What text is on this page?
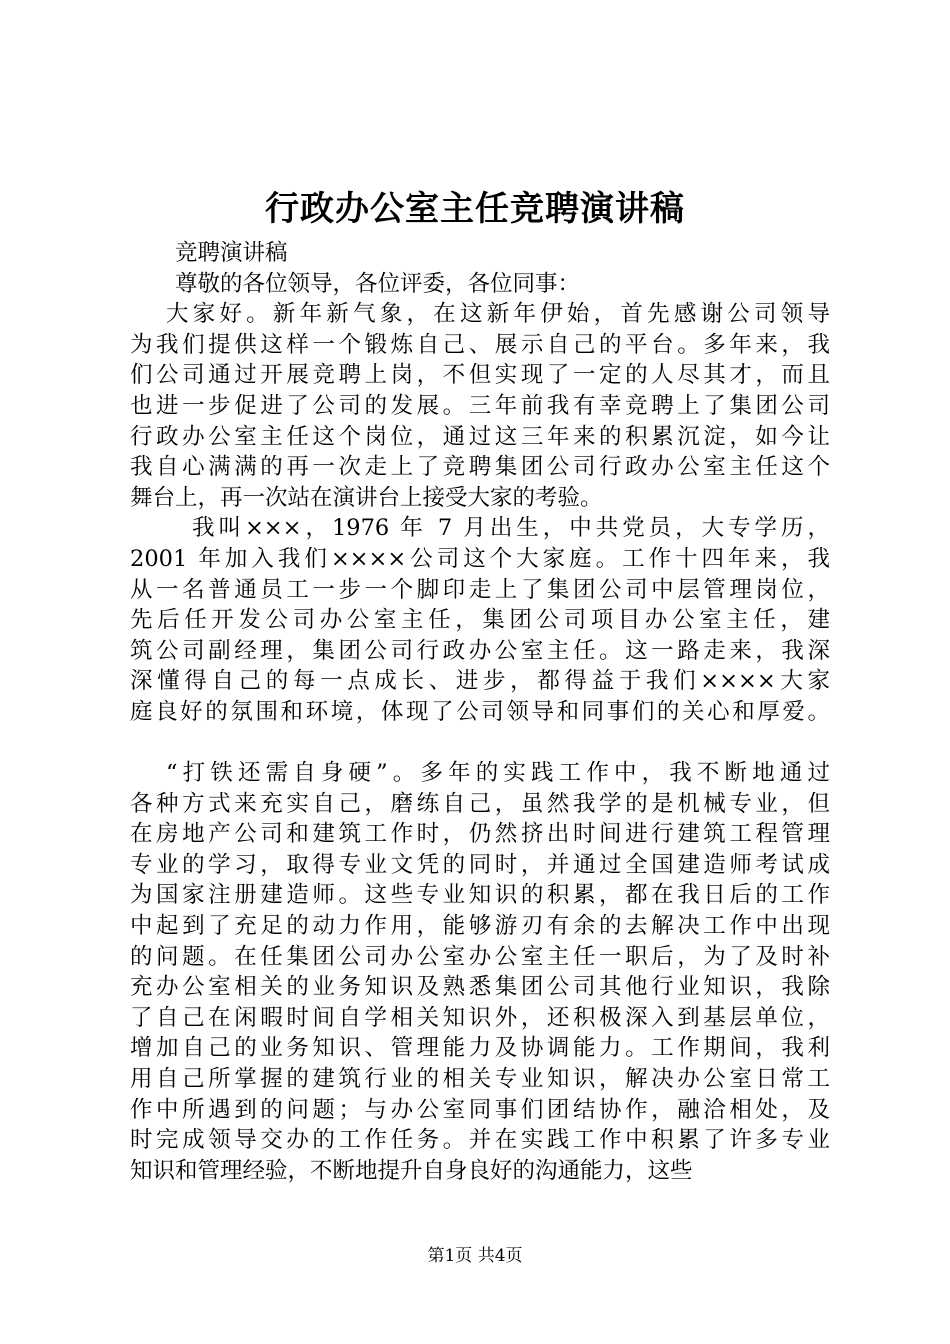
行政办公室主任竞聘演讲稿
竞聘演讲稿
尊敬的各位领导，各位评委，各位同事：
大家好。新年新气象，在这新年伊始，首先感谢公司领导
为我们提供这样一个锻炼自己、展示自己的平台。多年来，我
们公司通过开展竞聘上岗，不但实现了一定的人尽其才，而且
也进一步促进了公司的发展。三年前我有幸竞聘上了集团公司
行政办公室主任这个岗位，通过这三年来的积累沉淀，如今让
我自心满满的再一次走上了竞聘集团公司行政办公室主任这个
舞台上，再一次站在演讲台上接受大家的考验。
我叫×××，1976 年 7 月出生，中共党员，大专学历，
2001 年加入我们××××公司这个大家庭。工作十四年来，我
从一名普通员工一步一个脚印走上了集团公司中层管理岗位，
先后任开发公司办公室主任，集团公司项目办公室主任，建
筑公司副经理，集团公司行政办公室主任。这一路走来，我深
深懂得自己的每一点成长、进步，都得益于我们××××大家
庭良好的氛围和环境，体现了公司领导和同事们的关心和厚爱。
“打铁还需自身硬”。多年的实践工作中，我不断地通过
各种方式来充实自己，磨练自己，虽然我学的是机械专业，但
在房地产公司和建筑工作时，仍然挤出时间进行建筑工程管理
专业的学习，取得专业文凭的同时，并通过全国建造师考试成
为国家注册建造师。这些专业知识的积累，都在我日后的工作
中起到了充足的动力作用，能够游刃有余的去解决工作中出现
的问题。在任集团公司办公室办公室主任一职后，为了及时补
充办公室相关的业务知识及熟悉集团公司其他行业知识，我除
了自己在闲暇时间自学相关知识外，还积极深入到基层单位，
增加自己的业务知识、管理能力及协调能力。工作期间，我利
用自己所掌握的建筑行业的相关专业知识，解决办公室日常工
作中所遇到的问题；与办公室同事们团结协作，融洽相处，及
时完成领导交办的工作任务。并在实践工作中积累了许多专业
知识和管理经验，不断地提升自身良好的沟通能力，这些
第1页 共4页
